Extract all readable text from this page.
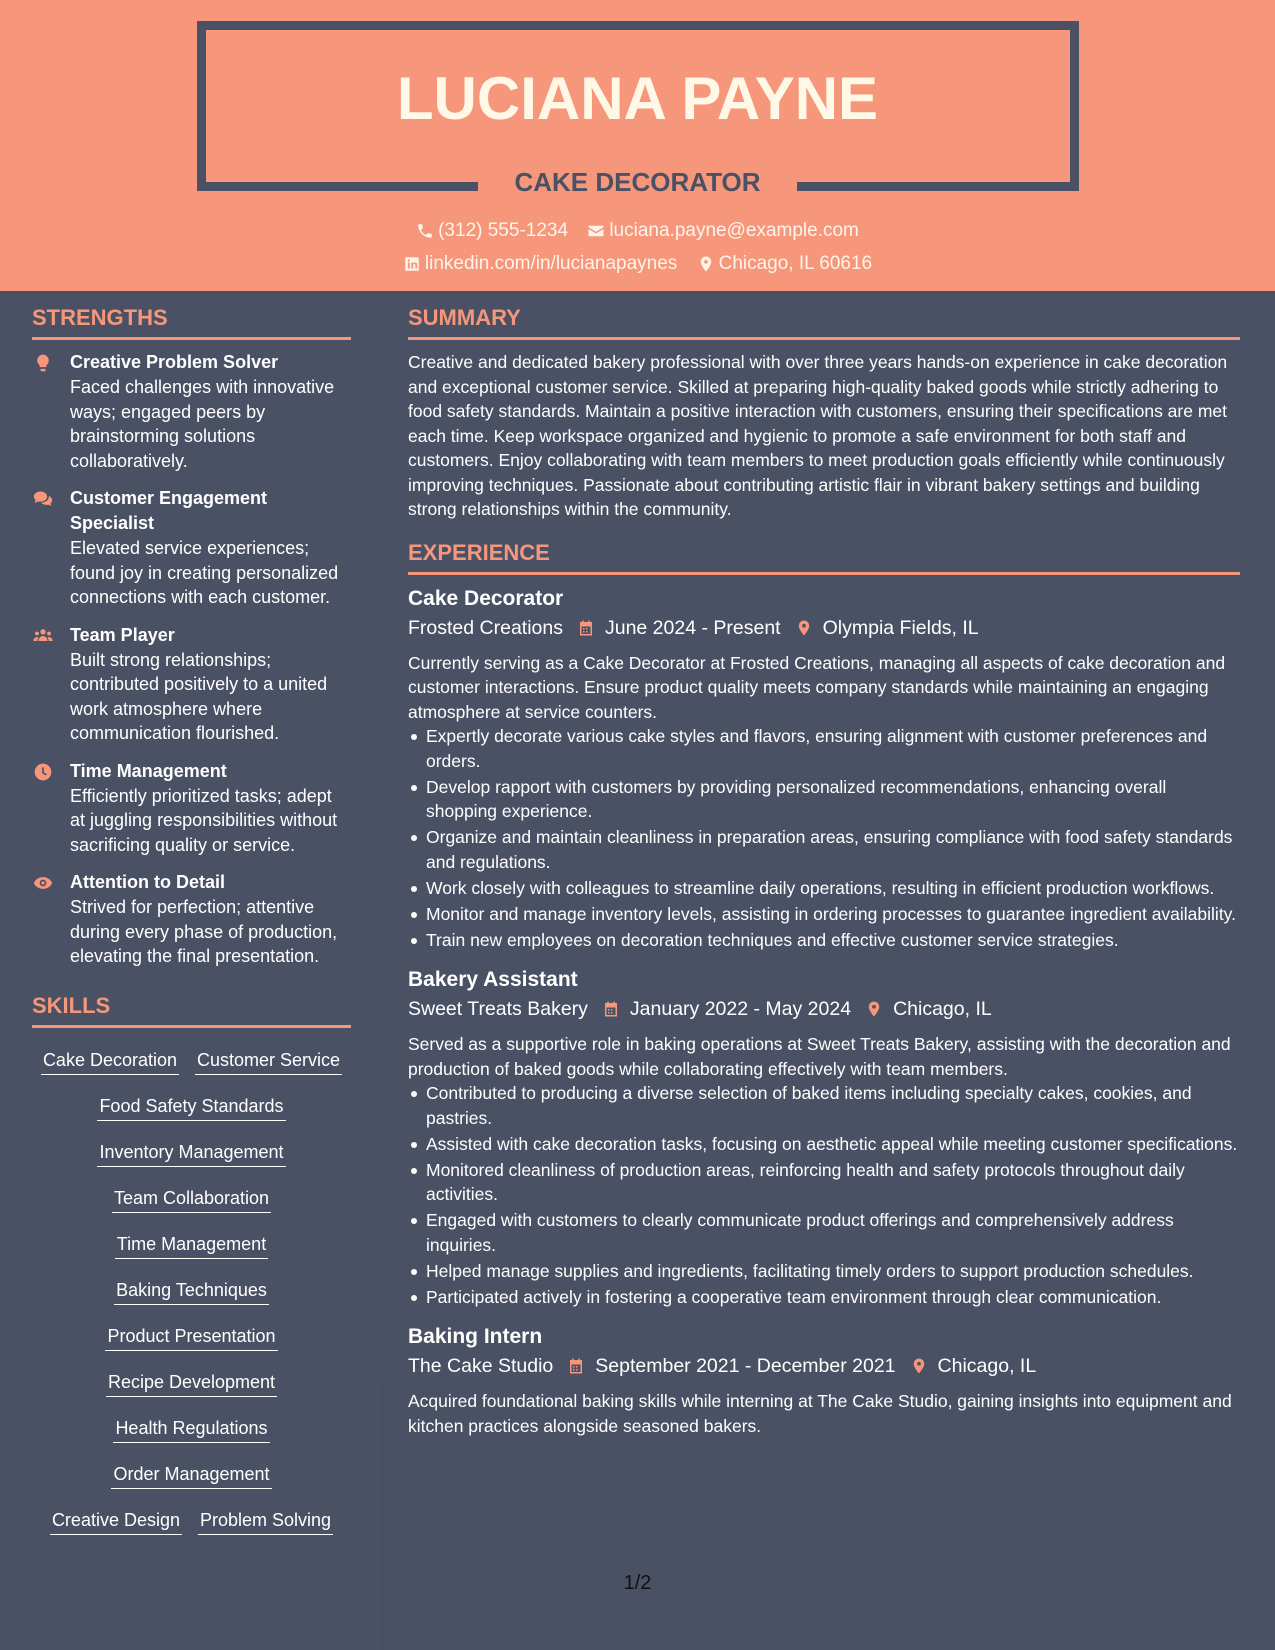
LUCIANA PAYNE
CAKE DECORATOR
(312) 555-1234
luciana.payne@example.com
linkedin.com/in/lucianapaynes
Chicago, IL 60616
STRENGTHS
Creative Problem Solver
Faced challenges with innovative ways; engaged peers by brainstorming solutions collaboratively.
Customer Engagement Specialist
Elevated service experiences; found joy in creating personalized connections with each customer.
Team Player
Built strong relationships; contributed positively to a united work atmosphere where communication flourished.
Time Management
Efficiently prioritized tasks; adept at juggling responsibilities without sacrificing quality or service.
Attention to Detail
Strived for perfection; attentive during every phase of production, elevating the final presentation.
SKILLS
Cake Decoration Customer Service
Food Safety Standards
Inventory Management
Team Collaboration
Time Management
Baking Techniques
Product Presentation
Recipe Development
Health Regulations
Order Management
Creative Design Problem Solving
SUMMARY
Creative and dedicated bakery professional with over three years hands-on experience in cake decoration and exceptional customer service. Skilled at preparing high-quality baked goods while strictly adhering to food safety standards. Maintain a positive interaction with customers, ensuring their specifications are met each time. Keep workspace organized and hygienic to promote a safe environment for both staff and customers. Enjoy collaborating with team members to meet production goals efficiently while continuously improving techniques. Passionate about contributing artistic flair in vibrant bakery settings and building strong relationships within the community.
EXPERIENCE
Cake Decorator
Frosted Creations June 2024 - Present Olympia Fields, IL
Currently serving as a Cake Decorator at Frosted Creations, managing all aspects of cake decoration and customer interactions. Ensure product quality meets company standards while maintaining an engaging atmosphere at service counters.
Expertly decorate various cake styles and flavors, ensuring alignment with customer preferences and orders.
Develop rapport with customers by providing personalized recommendations, enhancing overall shopping experience.
Organize and maintain cleanliness in preparation areas, ensuring compliance with food safety standards and regulations.
Work closely with colleagues to streamline daily operations, resulting in efficient production workflows.
Monitor and manage inventory levels, assisting in ordering processes to guarantee ingredient availability.
Train new employees on decoration techniques and effective customer service strategies.
Bakery Assistant
Sweet Treats Bakery January 2022 - May 2024 Chicago, IL
Served as a supportive role in baking operations at Sweet Treats Bakery, assisting with the decoration and production of baked goods while collaborating effectively with team members.
Contributed to producing a diverse selection of baked items including specialty cakes, cookies, and pastries.
Assisted with cake decoration tasks, focusing on aesthetic appeal while meeting customer specifications.
Monitored cleanliness of production areas, reinforcing health and safety protocols throughout daily activities.
Engaged with customers to clearly communicate product offerings and comprehensively address inquiries.
Helped manage supplies and ingredients, facilitating timely orders to support production schedules.
Participated actively in fostering a cooperative team environment through clear communication.
Baking Intern
The Cake Studio September 2021 - December 2021 Chicago, IL
Acquired foundational baking skills while interning at The Cake Studio, gaining insights into equipment and kitchen practices alongside seasoned bakers.
1/2
